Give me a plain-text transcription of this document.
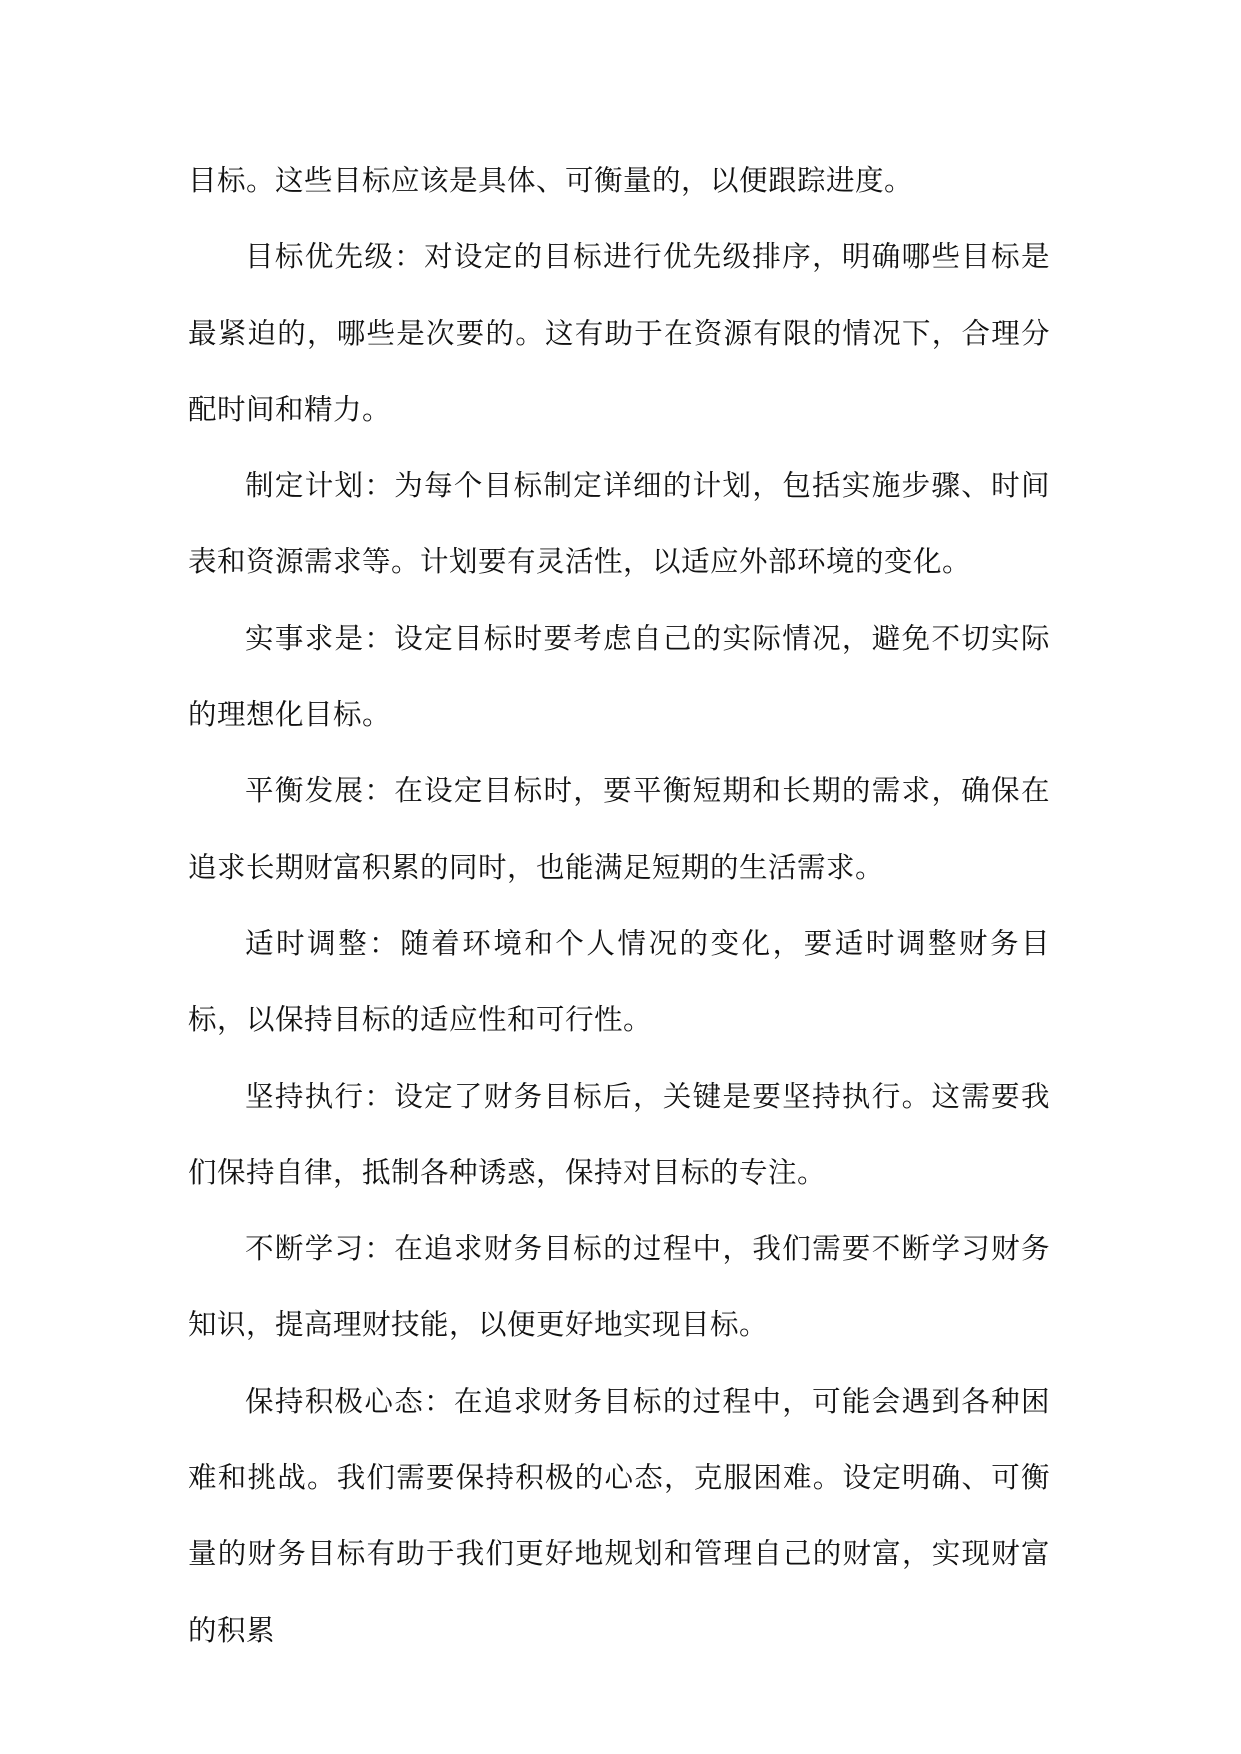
目标。这些目标应该是具体、可衡量的，以便跟踪进度。

目标优先级：对设定的目标进行优先级排序，明确哪些目标是最紧迫的，哪些是次要的。这有助于在资源有限的情况下，合理分配时间和精力。

制定计划：为每个目标制定详细的计划，包括实施步骤、时间表和资源需求等。计划要有灵活性，以适应外部环境的变化。

实事求是：设定目标时要考虑自己的实际情况，避免不切实际的理想化目标。

平衡发展：在设定目标时，要平衡短期和长期的需求，确保在追求长期财富积累的同时，也能满足短期的生活需求。

适时调整：随着环境和个人情况的变化，要适时调整财务目标，以保持目标的适应性和可行性。

坚持执行：设定了财务目标后，关键是要坚持执行。这需要我们保持自律，抵制各种诱惑，保持对目标的专注。

不断学习：在追求财务目标的过程中，我们需要不断学习财务知识，提高理财技能，以便更好地实现目标。

保持积极心态：在追求财务目标的过程中，可能会遇到各种困难和挑战。我们需要保持积极的心态，克服困难。设定明确、可衡量的财务目标有助于我们更好地规划和管理自己的财富，实现财富的积累
